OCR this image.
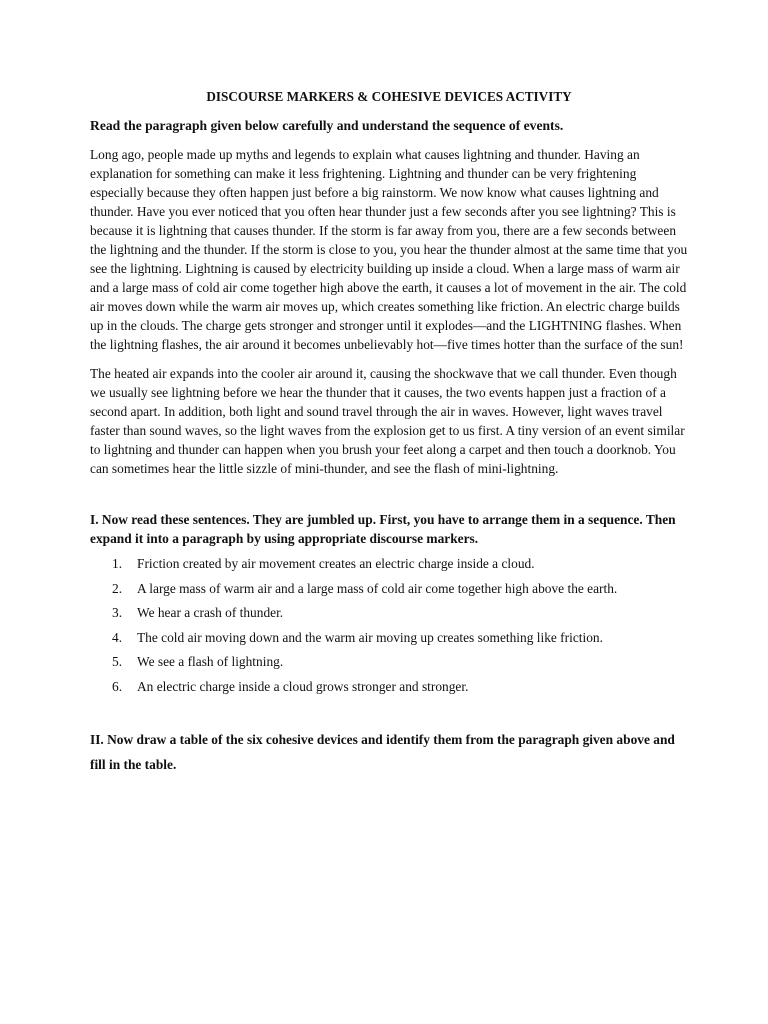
DISCOURSE MARKERS & COHESIVE DEVICES ACTIVITY
Read the paragraph given below carefully and understand the sequence of events.

Long ago, people made up myths and legends to explain what causes lightning and thunder. Having an explanation for something can make it less frightening. Lightning and thunder can be very frightening especially because they often happen just before a big rainstorm. We now know what causes lightning and thunder. Have you ever noticed that you often hear thunder just a few seconds after you see lightning? This is because it is lightning that causes thunder. If the storm is far away from you, there are a few seconds between the lightning and the thunder. If the storm is close to you, you hear the thunder almost at the same time that you see the lightning. Lightning is caused by electricity building up inside a cloud. When a large mass of warm air and a large mass of cold air come together high above the earth, it causes a lot of movement in the air. The cold air moves down while the warm air moves up, which creates something like friction. An electric charge builds up in the clouds. The charge gets stronger and stronger until it explodes—and the LIGHTNING flashes. When the lightning flashes, the air around it becomes unbelievably hot—five times hotter than the surface of the sun!

The heated air expands into the cooler air around it, causing the shockwave that we call thunder. Even though we usually see lightning before we hear the thunder that it causes, the two events happen just a fraction of a second apart. In addition, both light and sound travel through the air in waves. However, light waves travel faster than sound waves, so the light waves from the explosion get to us first. A tiny version of an event similar to lightning and thunder can happen when you brush your feet along a carpet and then touch a doorknob. You can sometimes hear the little sizzle of mini-thunder, and see the flash of mini-lightning.

I. Now read these sentences. They are jumbled up. First, you have to arrange them in a sequence. Then expand it into a paragraph by using appropriate discourse markers.
1. Friction created by air movement creates an electric charge inside a cloud.
2. A large mass of warm air and a large mass of cold air come together high above the earth.
3. We hear a crash of thunder.
4. The cold air moving down and the warm air moving up creates something like friction.
5. We see a flash of lightning.
6. An electric charge inside a cloud grows stronger and stronger.
II. Now draw a table of the six cohesive devices and identify them from the paragraph given above and fill in the table.
